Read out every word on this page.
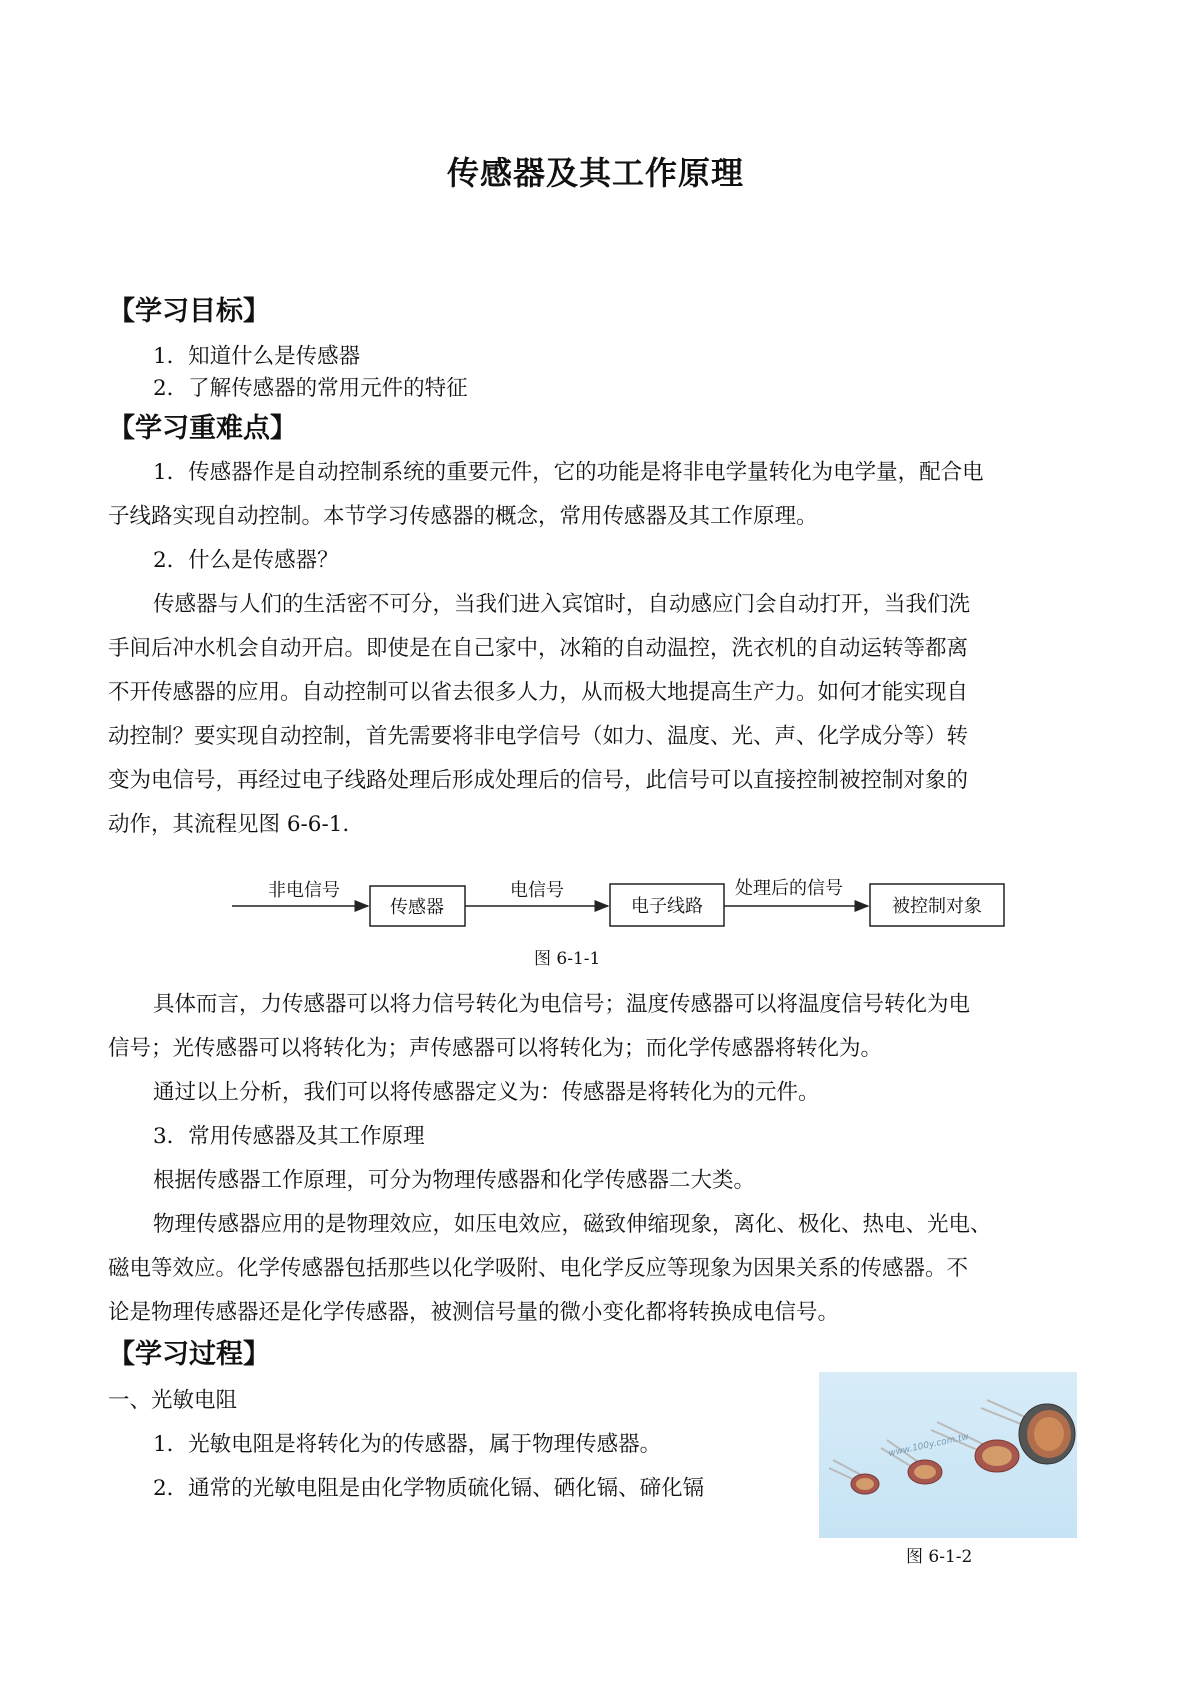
传感器及其工作原理
【学习目标】
1．知道什么是传感器
2．了解传感器的常用元件的特征
【学习重难点】
1．传感器作是自动控制系统的重要元件，它的功能是将非电学量转化为电学量，配合电
子线路实现自动控制。本节学习传感器的概念，常用传感器及其工作原理。
2．什么是传感器？
传感器与人们的生活密不可分，当我们进入宾馆时，自动感应门会自动打开，当我们洗
手间后冲水机会自动开启。即使是在自己家中，冰箱的自动温控，洗衣机的自动运转等都离
不开传感器的应用。自动控制可以省去很多人力，从而极大地提高生产力。如何才能实现自
动控制？要实现自动控制，首先需要将非电学信号（如力、温度、光、声、化学成分等）转
变为电信号，再经过电子线路处理后形成处理后的信号，此信号可以直接控制被控制对象的
动作，其流程见图 6-6-1.
非电信号
传感器
电信号
电子线路
处理后的信号
被控制对象
图 6-1-1
具体而言，力传感器可以将力信号转化为电信号；温度传感器可以将温度信号转化为电
信号；光传感器可以将转化为；声传感器可以将转化为；而化学传感器将转化为。
通过以上分析，我们可以将传感器定义为：传感器是将转化为的元件。
3．常用传感器及其工作原理
根据传感器工作原理，可分为物理传感器和化学传感器二大类。
物理传感器应用的是物理效应，如压电效应，磁致伸缩现象，离化、极化、热电、光电、
磁电等效应。化学传感器包括那些以化学吸附、电化学反应等现象为因果关系的传感器。不
论是物理传感器还是化学传感器，被测信号量的微小变化都将转换成电信号。
【学习过程】
一、光敏电阻
1．光敏电阻是将转化为的传感器，属于物理传感器。
2．通常的光敏电阻是由化学物质硫化镉、硒化镉、碲化镉
www.100y.com.tw
图 6-1-2
